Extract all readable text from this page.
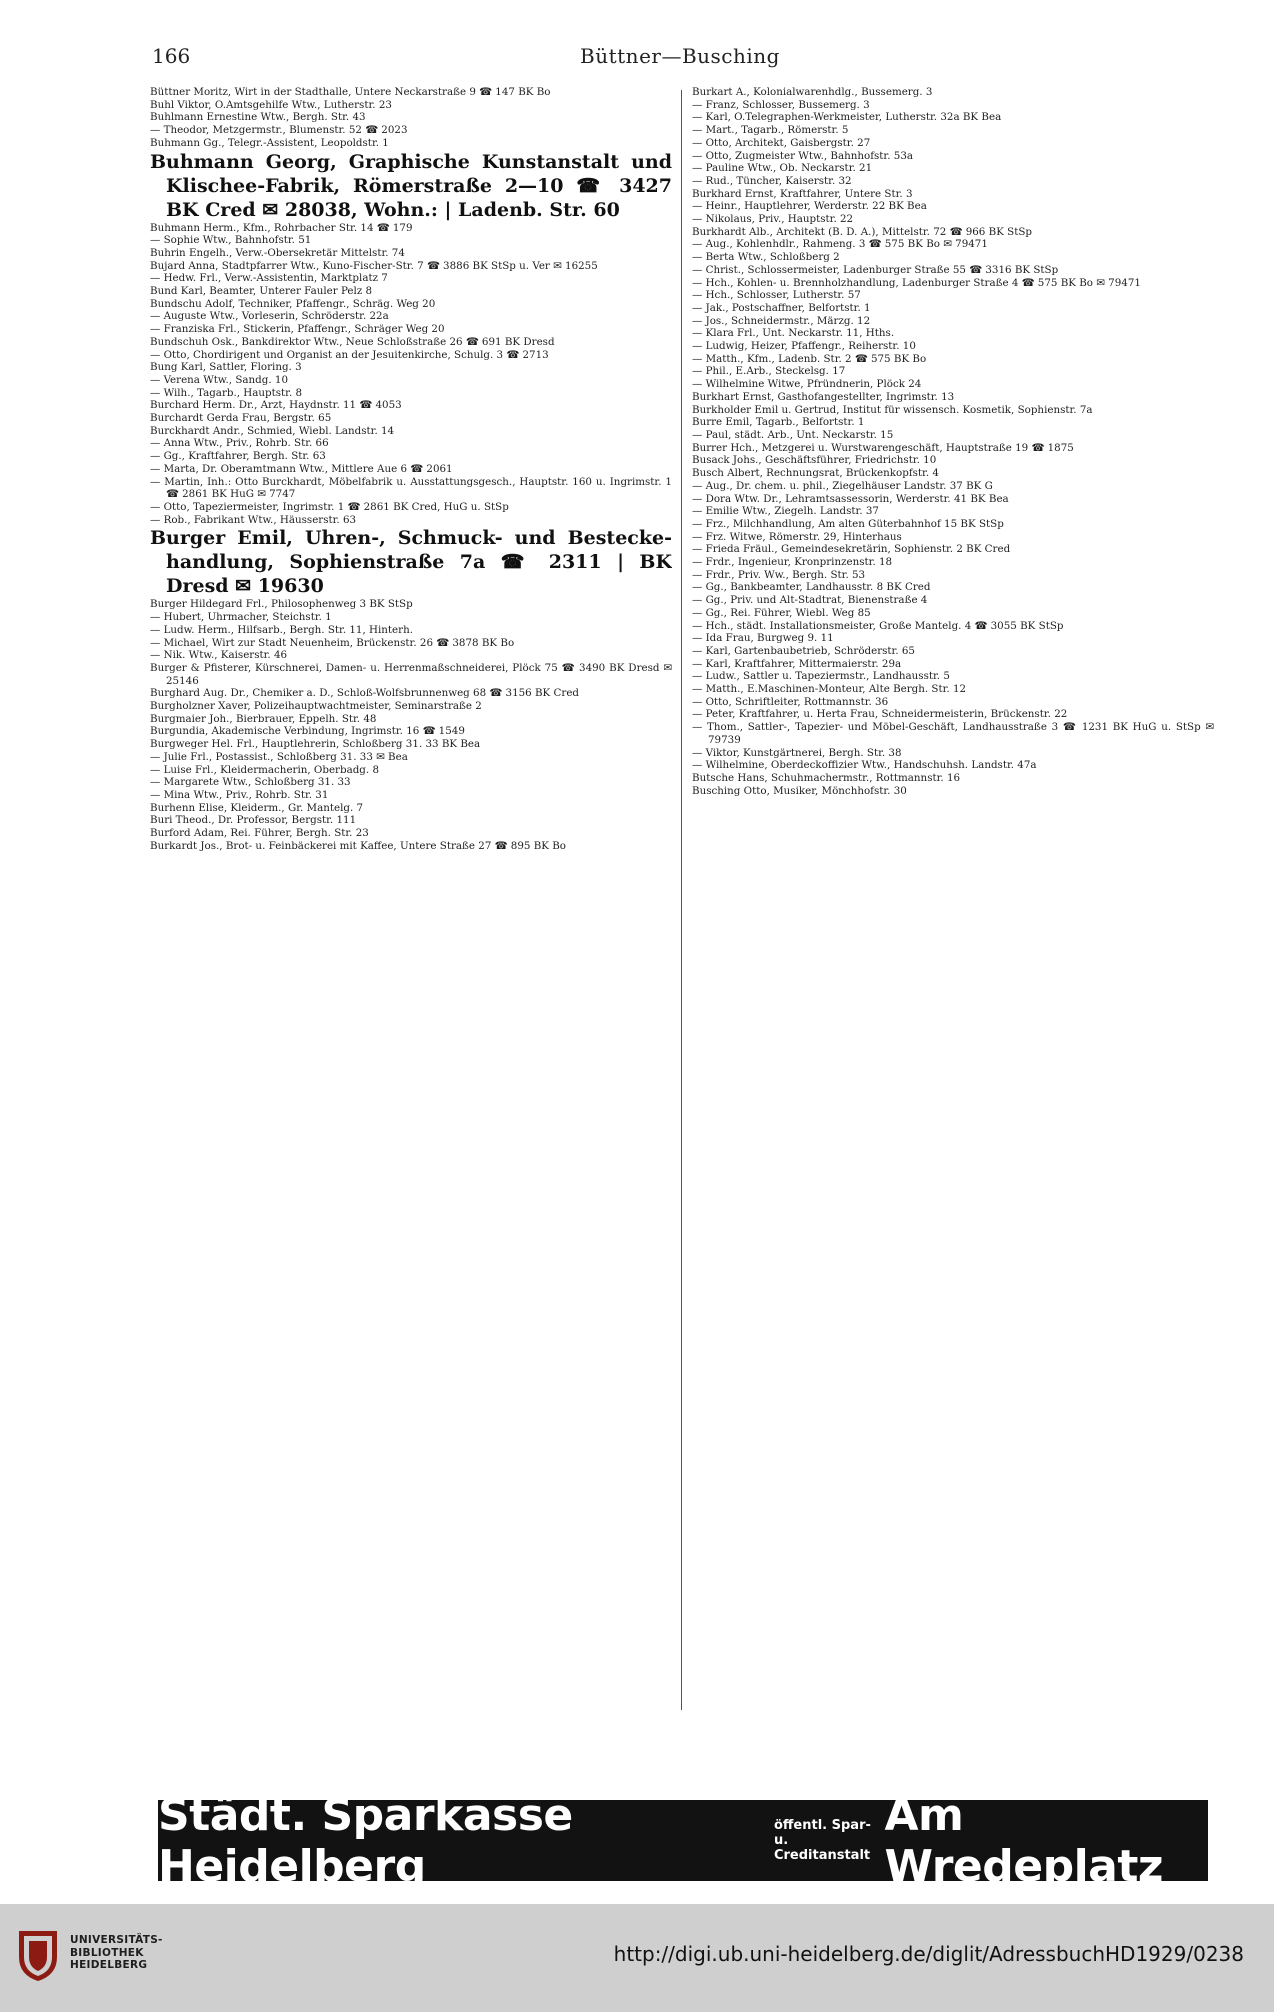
166	Büttner—Busching

Büttner Moritz, Wirt in der Stadthalle, Untere Neckarstraße 9 ☎ 147 BK Bo

Buhl Viktor, O.Amtsgehilfe Wtw., Lutherstr. 23

Buhlmann Ernestine Wtw., Bergh. Str. 43

— Theodor, Metzgermstr., Blumenstr. 52 ☎ 2023

Buhmann Gg., Telegr.-Assistent, Leopoldstr. 1

Buhmann Georg, Graphische Kunstanstalt und Klischee-Fabrik, Römerstraße 2—10 ☎ 3427 BK Cred ✉ 28038, Wohn.: | Ladenb. Str. 60

Buhmann Herm., Kfm., Rohrbacher Str. 14 ☎ 179

— Sophie Wtw., Bahnhofstr. 51

Buhrin Engelh., Verw.-Obersekretär Mittelstr. 74

Bujard Anna, Stadtpfarrer Wtw., Kuno-Fischer-Str. 7 ☎ 3886 BK StSp u. Ver ✉ 16255

— Hedw. Frl., Verw.-Assistentin, Marktplatz 7

Bund Karl, Beamter, Unterer Fauler Pelz 8

Bundschu Adolf, Techniker, Pfaffengr., Schräg. Weg 20

— Auguste Wtw., Vorleserin, Schröderstr. 22a

— Franziska Frl., Stickerin, Pfaffengr., Schräger Weg 20

Bundschuh Osk., Bankdirektor Wtw., Neue Schloßstraße 26 ☎ 691 BK Dresd

— Otto, Chordirigent und Organist an der Jesuitenkirche, Schulg. 3 ☎ 2713

Bung Karl, Sattler, Floring. 3

— Verena Wtw., Sandg. 10

— Wilh., Tagarb., Hauptstr. 8

Burchard Herm. Dr., Arzt, Haydnstr. 11 ☎ 4053

Burchardt Gerda Frau, Bergstr. 65

Burckhardt Andr., Schmied, Wiebl. Landstr. 14

— Anna Wtw., Priv., Rohrb. Str. 66

— Gg., Kraftfahrer, Bergh. Str. 63

— Marta, Dr. Oberamtmann Wtw., Mittlere Aue 6 ☎ 2061

— Martin, Inh.: Otto Burckhardt, Möbelfabrik u. Ausstattungsgesch., Hauptstr. 160 u. Ingrimstr. 1 ☎ 2861 BK HuG ✉ 7747

— Otto, Tapeziermeister, Ingrimstr. 1 ☎ 2861 BK Cred, HuG u. StSp

— Rob., Fabrikant Wtw., Häusserstr. 63

Burger Emil, Uhren-, Schmuck- und Bestecke-handlung, Sophienstraße 7a ☎ 2311 | BK Dresd ✉ 19630

Burger Hildegard Frl., Philosophenweg 3 BK StSp

— Hubert, Uhrmacher, Steichstr. 1

— Ludw. Herm., Hilfsarb., Bergh. Str. 11, Hinterh.

— Michael, Wirt zur Stadt Neuenheim, Brückenstr. 26 ☎ 3878 BK Bo

— Nik. Wtw., Kaiserstr. 46

Burger & Pfisterer, Kürschnerei, Damen- u. Herrenmaßschneiderei, Plöck 75 ☎ 3490 BK Dresd ✉ 25146

Burghard Aug. Dr., Chemiker a. D., Schloß-Wolfsbrunnenweg 68 ☎ 3156 BK Cred

Burgholzner Xaver, Polizeihauptwachtmeister, Seminarstraße 2

Burgmaier Joh., Bierbrauer, Eppelh. Str. 48

Burgundia, Akademische Verbindung, Ingrimstr. 16 ☎ 1549

Burgweger Hel. Frl., Hauptlehrerin, Schloßberg 31. 33 BK Bea

— Julie Frl., Postassist., Schloßberg 31. 33 ✉ Bea

— Luise Frl., Kleidermacherin, Oberbadg. 8

— Margarete Wtw., Schloßberg 31. 33

— Mina Wtw., Priv., Rohrb. Str. 31

Burhenn Elise, Kleiderm., Gr. Mantelg. 7

Buri Theod., Dr. Professor, Bergstr. 111

Burford Adam, Rei. Führer, Bergh. Str. 23

Burkardt Jos., Brot- u. Feinbäckerei mit Kaffee, Untere Straße 27 ☎ 895 BK Bo

Burkart A., Kolonialwarenhdlg., Bussemerg. 3

— Franz, Schlosser, Bussemerg. 3

— Karl, O.Telegraphen-Werkmeister, Lutherstr. 32a BK Bea

— Mart., Tagarb., Römerstr. 5

— Otto, Architekt, Gaisbergstr. 27

— Otto, Zugmeister Wtw., Bahnhofstr. 53a

— Pauline Wtw., Ob. Neckarstr. 21

— Rud., Tüncher, Kaiserstr. 32

Burkhard Ernst, Kraftfahrer, Untere Str. 3

— Heinr., Hauptlehrer, Werderstr. 22 BK Bea

— Nikolaus, Priv., Hauptstr. 22

Burkhardt Alb., Architekt (B. D. A.), Mittelstr. 72 ☎ 966 BK StSp

— Aug., Kohlenhdlr., Rahmeng. 3 ☎ 575 BK Bo ✉ 79471

— Berta Wtw., Schloßberg 2

— Christ., Schlossermeister, Ladenburger Straße 55 ☎ 3316 BK StSp

— Hch., Kohlen- u. Brennholzhandlung, Ladenburger Straße 4 ☎ 575 BK Bo ✉ 79471

— Hch., Schlosser, Lutherstr. 57

— Jak., Postschaffner, Belfortstr. 1

— Jos., Schneidermstr., Märzg. 12

— Klara Frl., Unt. Neckarstr. 11, Hths.

— Ludwig, Heizer, Pfaffengr., Reiherstr. 10

— Matth., Kfm., Ladenb. Str. 2 ☎ 575 BK Bo

— Phil., E.Arb., Steckelsg. 17

— Wilhelmine Witwe, Pfründnerin, Plöck 24

Burkhart Ernst, Gasthofangestellter, Ingrimstr. 13

Burkholder Emil u. Gertrud, Institut für wissensch. Kosmetik, Sophienstr. 7a

Burre Emil, Tagarb., Belfortstr. 1

— Paul, städt. Arb., Unt. Neckarstr. 15

Burrer Hch., Metzgerei u. Wurstwarengeschäft, Hauptstraße 19 ☎ 1875

Busack Johs., Geschäftsführer, Friedrichstr. 10

Busch Albert, Rechnungsrat, Brückenkopfstr. 4

— Aug., Dr. chem. u. phil., Ziegelhäuser Landstr. 37 BK G

— Dora Wtw. Dr., Lehramtsassessorin, Werderstr. 41 BK Bea

— Emilie Wtw., Ziegelh. Landstr. 37

— Frz., Milchhandlung, Am alten Güterbahnhof 15 BK StSp

— Frz. Witwe, Römerstr. 29, Hinterhaus

— Frieda Fräul., Gemeindesekretärin, Sophienstr. 2 BK Cred

— Frdr., Ingenieur, Kronprinzenstr. 18

— Frdr., Priv. Ww., Bergh. Str. 53

— Gg., Bankbeamter, Landhausstr. 8 BK Cred

— Gg., Priv. und Alt-Stadtrat, Bienenstraße 4

— Gg., Rei. Führer, Wiebl. Weg 85

— Hch., städt. Installationsmeister, Große Mantelg. 4 ☎ 3055 BK StSp

— Ida Frau, Burgweg 9. 11

— Karl, Gartenbaubetrieb, Schröderstr. 65

— Karl, Kraftfahrer, Mittermaierstr. 29a

— Ludw., Sattler u. Tapeziermstr., Landhausstr. 5

— Matth., E.Maschinen-Monteur, Alte Bergh. Str. 12

— Otto, Schriftleiter, Rottmannstr. 36

— Peter, Kraftfahrer, u. Herta Frau, Schneidermeisterin, Brückenstr. 22

— Thom., Sattler-, Tapezier- und Möbel-Geschäft, Landhausstraße 3 ☎ 1231 BK HuG u. StSp ✉ 79739

— Viktor, Kunstgärtnerei, Bergh. Str. 38

— Wilhelmine, Oberdeckoffizier Wtw., Handschuhsh. Landstr. 47a

Butsche Hans, Schuhmachermstr., Rottmannstr. 16

Busching Otto, Musiker, Mönchhofstr. 30

Städt. Sparkasse Heidelberg
öffentl. Spar- u.
Creditanstalt
Am Wredeplatz
UNIVERSITÄTS-
BIBLIOTHEK
HEIDELBERG	http://digi.ub.uni-heidelberg.de/diglit/AdressbuchHD1929/0238
